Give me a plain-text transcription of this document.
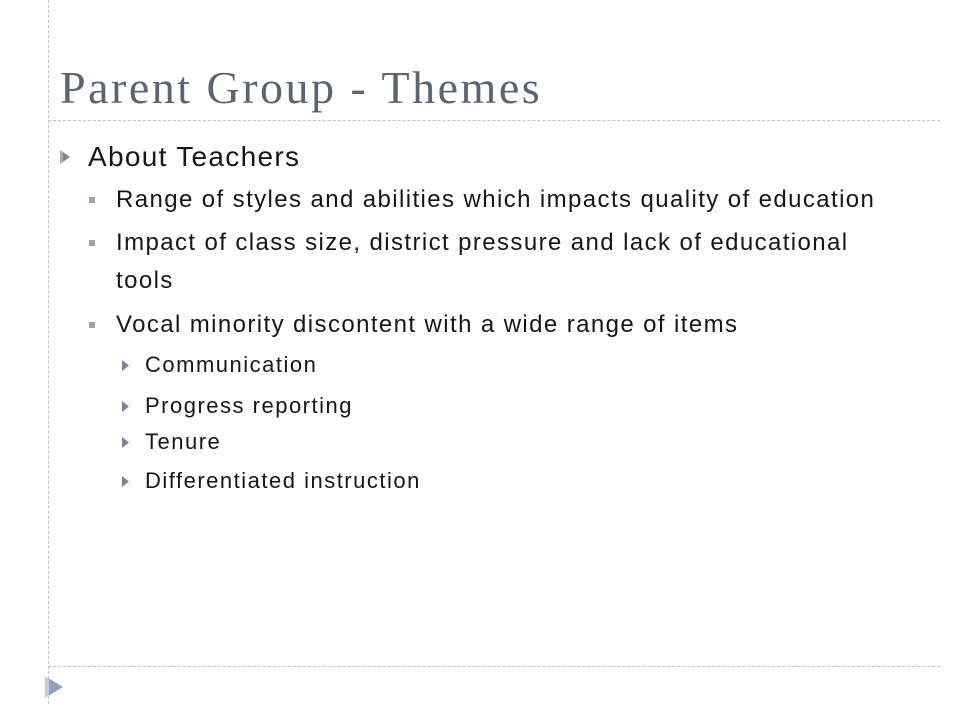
Parent Group - Themes
About Teachers
Range of styles and abilities which impacts quality of education
Impact of class size, district pressure and lack of educational tools
Vocal minority discontent with a wide range of items
Communication
Progress reporting
Tenure
Differentiated instruction
